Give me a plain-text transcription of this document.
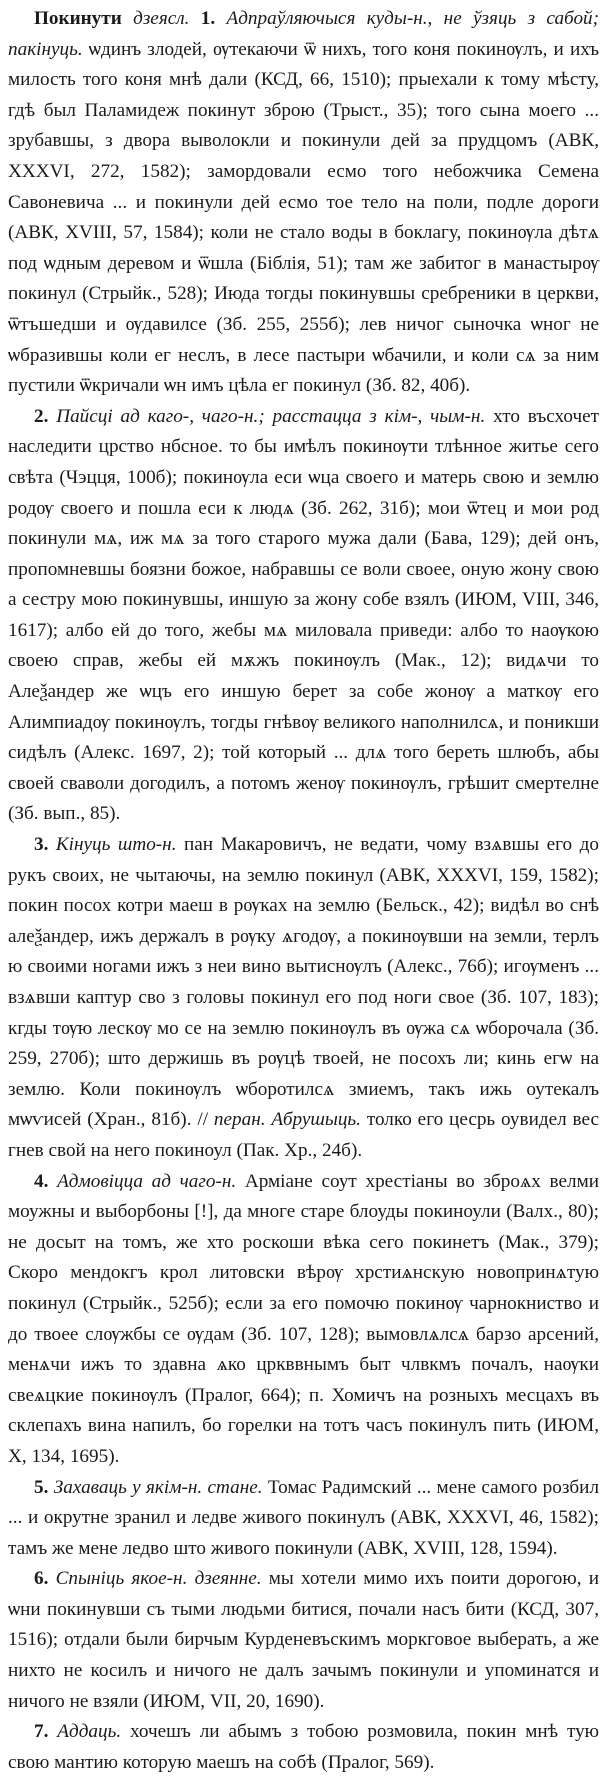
Покинути дзеясл. 1. Адпраўляючыся куды-н., не ўзяць з сабой; пакінуць. ѡдинъ злодей, ѹтекаючи ѿ нихъ, того коня покинѹлъ, и ихъ милость того коня мнѣ дали (КСД, 66, 1510); прыехали к тому мѣсту, гдѣ был Паламидеж покинут зброю (Трыст., 35); того сына моего ... зрубавшы, з двора выволокли и покинули дей за прудцомъ (АВК, XXXVI, 272, 1582); замордовали есмо того небожчика Семена Савоневича ... и покинули дей есмо тое тело на поли, подле дороги (АВК, XVIII, 57, 1584); коли не стало воды в боклагу, покинѹла дѣтѧ под ѡдным деревом и ѿшла (Біблія, 51); там же забитог в манастырѹ покинул (Стрыйк., 528); Июда тогды покинувшы сребреники в церкви, ѿтъшедши и ѹдавилсе (Зб. 255, 255б); лев ничог сыночка ѡног не ѡбразившы коли ег неслъ, в лесе пастыри ѡбачили, и коли сѧ за ним пустили ѿкричали ѡн имъ цѣла ег покинул (Зб. 82, 40б).

2. Пайсці ад каго-, чаго-н.; расстацца з кім-, чым-н. хто въсхочет наследити црство нбсное. то бы имѣлъ покинѹти тлѣнное житье сего свѣта (Чэцця, 100б); покинѹла еси ѡца своего и матерь свою и землю родѹ своего и пошла еси к людѧ (Зб. 262, 31б); мои ѿтец и мои род покинули мѧ, иж мѧ за того старого мужа дали (Бава, 129); дей онъ, пропомневшы боязни божое, набравшы се воли своее, оную жону свою а сестру мою покинувшы, иншую за жону собе взялъ (ИЮМ, VIII, 346, 1617); албо ей до того, жебы мѧ миловала приведи: албо то наѹкою своею справ, жебы ей мѫжъ покинѹлъ (Мак., 12); видѧчи то Алеѯандер же ѡцъ его иншую берет за собе жонѹ а маткѹ его Алимпиадѹ покинѹлъ, тогды гнѣвѹ великого наполнилсѧ, и поникши сидѣлъ (Алекс. 1697, 2); той который ... длѧ того береть шлюбъ, абы своей сваволи догодилъ, а потомъ женѹ покинѹлъ, грѣшит смертелне (Зб. вып., 85).

3. Кінуць што-н. пан Макаровичъ, не ведати, чому взѧвшы его до рукъ своих, не чытаючы, на землю покинул (АВК, XXXVI, 159, 1582); покин посох котри маеш в рѹках на землю (Бельск., 42); видѣл во снѣ алеѯандер, ижъ держалъ в рѹку ѧгодѹ, а покинѹвши на земли, терлъ ю своими ногами ижъ з неи вино вытиснѹлъ (Алекс., 76б); игѹменъ ... взѧвши каптур сво з головы покинул его под ноги свое (Зб. 107, 183); кгды тѹю лескѹ мо се на землю покинѹлъ въ ѹжа сѧ ѡборочала (Зб. 259, 270б); што держишь въ рѹцѣ твоей, не посохъ ли; кинь егѡ на землю. Коли покинѹлъ ѡборотилсѧ змиемъ, такъ ижь оутекалъ мѡѵисей (Хран., 81б). // перан. Абрушыць. толко его цесрь оувидел вес гнев свой на него покиноул (Пак. Хр., 24б).

4. Адмовіцца ад чаго-н. Арміане соут хрестіаны во зброѧх велми моужны и выборбоны [!], да многе старе блоуды покиноули (Валх., 80); не досыт на томъ, же хто роскоши вѣка сего покинетъ (Мак., 379); Скоро мендокгъ крол литовски вѣрѹ хрстиѧнскую новопринѧтую покинул (Стрыйк., 525б); если за его помочю покинѹ чарнокниство и до твоее слѹжбы се ѹдам (Зб. 107, 128); вымовлѧлсѧ барзо арсений, менѧчи ижъ то здавна ѧко цркввнымъ быт члвкмъ почалъ, наѹки свеѧцкие покинѹлъ (Пралог, 664); п. Хомичъ на розныхъ месцахъ въ склепахъ вина напилъ, бо горелки на тотъ часъ покинулъ пить (ИЮМ, X, 134, 1695).

5. Захаваць у якім-н. стане. Томас Радимский ... мене самого розбил ... и окрутне зранил и ледве живого покинулъ (АВК, XXXVI, 46, 1582); тамъ же мене ледво што живого покинули (АВК, XVIII, 128, 1594).

6. Спыніць якое-н. дзеянне. мы хотели мимо ихъ поити дорогою, и ѡни покинувши съ тыми людьми битися, почали насъ бити (КСД, 307, 1516); отдали были бирчым Курденевъскимъ моркговое выберать, а же нихто не косилъ и ничого не далъ зачымъ покинули и упоминатся и ничого не взяли (ИЮМ, VII, 20, 1690).

7. Аддаць. хочешъ ли абымъ з тобою розмовила, покин мнѣ тую свою мантию которую маешъ на собѣ (Пралог, 569).
